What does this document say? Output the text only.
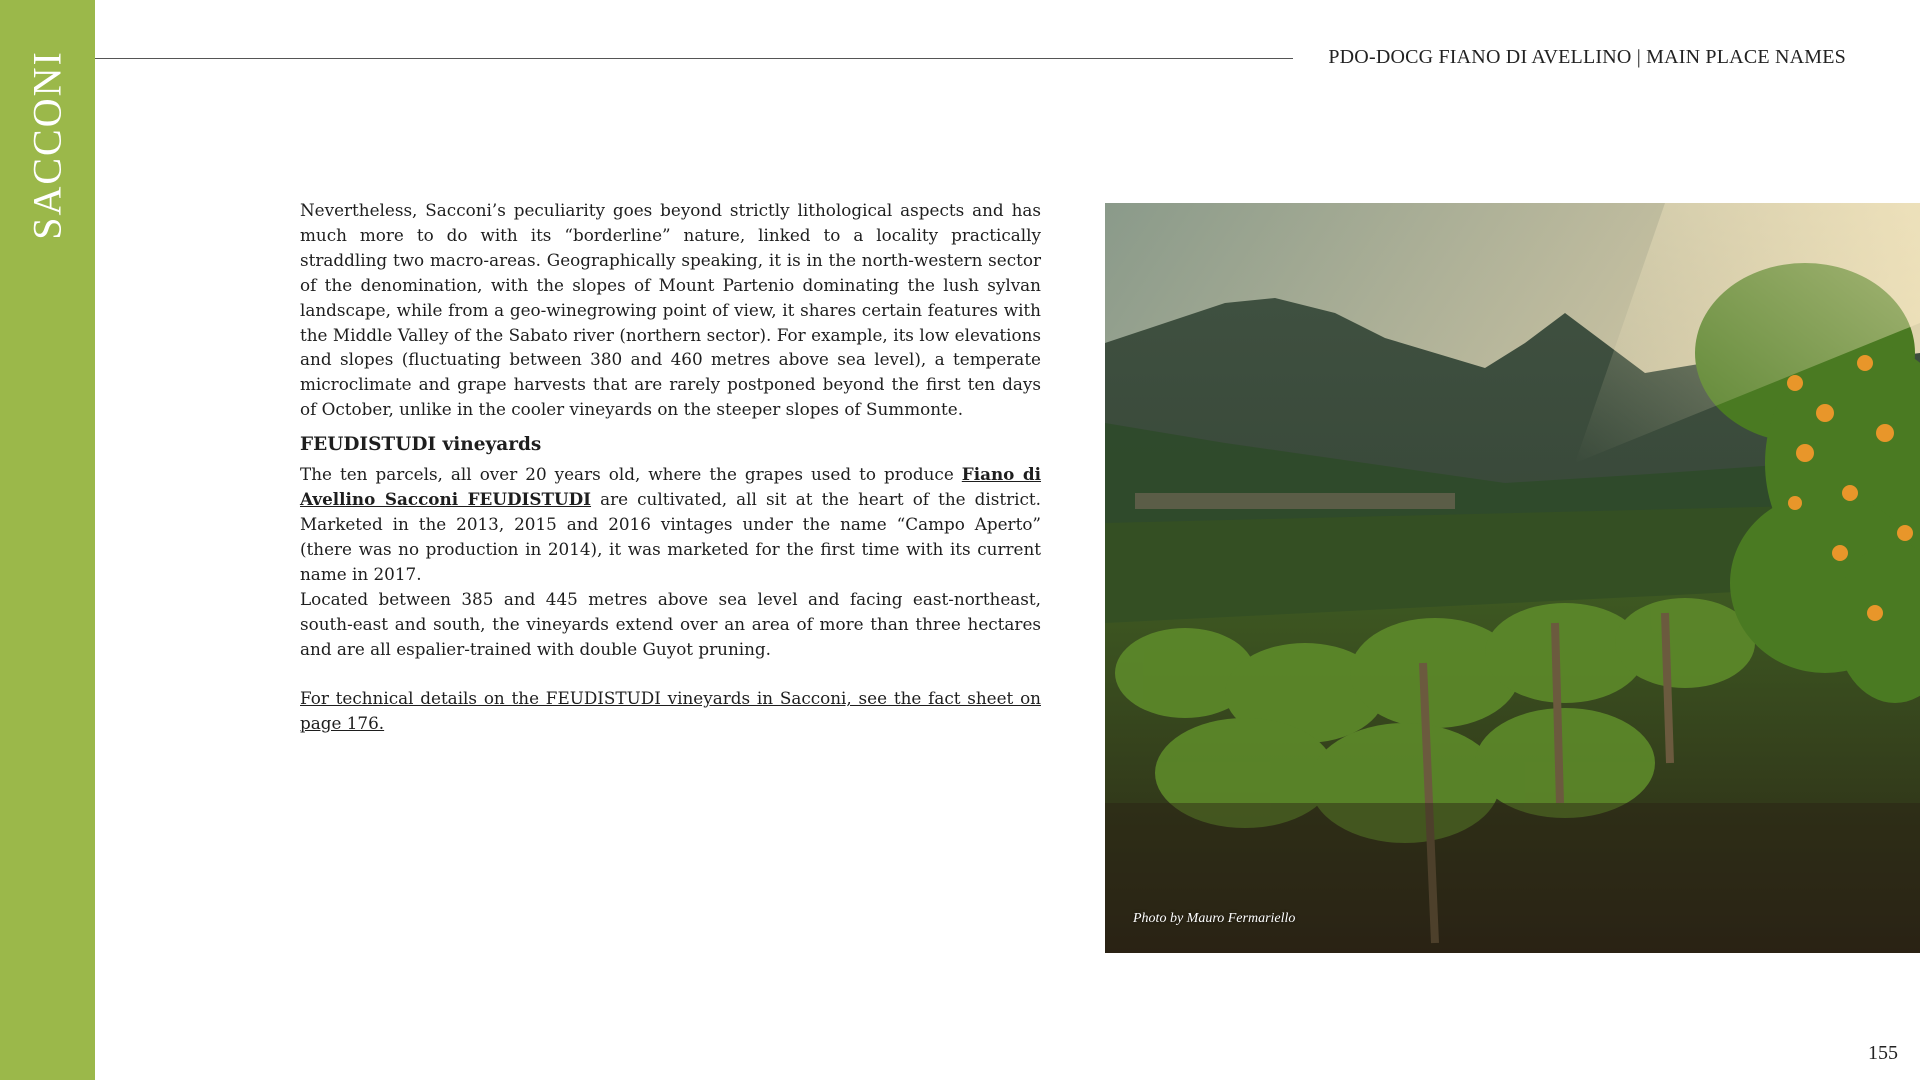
SACCONI	PDO-DOCG FIANO DI AVELLINO | MAIN PLACE NAMES

Nevertheless, Sacconi’s peculiarity goes beyond strictly lithological aspects and has much more to do with its “borderline” nature, linked to a locality practically straddling two macro-areas. Geographically speaking, it is in the north-western sector of the denomination, with the slopes of Mount Partenio dominating the lush sylvan landscape, while from a geo-winegrowing point of view, it shares certain features with the Middle Valley of the Sabato river (northern sector). For example, its low elevations and slopes (fluctuating between 380 and 460 metres above sea level), a temperate microclimate and grape harvests that are rarely postponed beyond the first ten days of October, unlike in the cooler vineyards on the steeper slopes of Summonte.

FEUDISTUDI vineyards

The ten parcels, all over 20 years old, where the grapes used to produce Fiano di Avellino Sacconi FEUDISTUDI are cultivated, all sit at the heart of the district. Marketed in the 2013, 2015 and 2016 vintages under the name “Campo Aperto” (there was no production in 2014), it was marketed for the first time with its current name in 2017.

Located between 385 and 445 metres above sea level and facing east-northeast, south-east and south, the vineyards extend over an area of more than three hectares and are all espalier-trained with double Guyot pruning.

For technical details on the FEUDISTUDI vineyards in Sacconi, see the fact sheet on page 176.

Photo by Mauro Fermariello
155
